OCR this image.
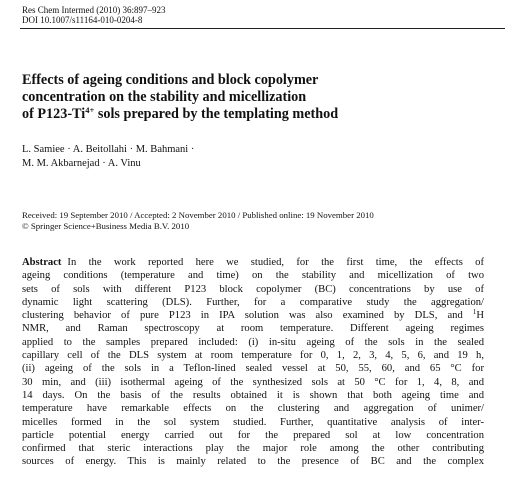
Res Chem Intermed (2010) 36:897–923
DOI 10.1007/s11164-010-0204-8
Effects of ageing conditions and block copolymer
concentration on the stability and micellization
of $P123-Ti^{4+}$ sols prepared by the templating method
L. Samiee · A. Beitollahi · M. Bahmani ·
M. M. Akbarnejad · A. Vinu
Received: 19 September 2010 / Accepted: 2 November 2010 / Published online: 19 November 2010
© Springer Science+Business Media B.V. 2010
Abstract In the work reported here we studied, for the first time, the effects of
ageing conditions (temperature and time) on the stability and micellization of two
sets of sols with different P123 block copolymer (BC) concentrations by use of
dynamic light scattering (DLS). Further, for a comparative study the aggregation/
clustering behavior of pure P123 in IPA solution was also examined by DLS, and $^1$H
NMR, and Raman spectroscopy at room temperature. Different ageing regimes
applied to the samples prepared included: (i) in-situ ageing of the sols in the sealed
capillary cell of the DLS system at room temperature for 0, 1, 2, 3, 4, 5, 6, and 19 h,
(ii) ageing of the sols in a Teflon-lined sealed vessel at 50, 55, 60, and 65 °C for
30 min, and (iii) isothermal ageing of the synthesized sols at 50 °C for 1, 4, 8, and
14 days. On the basis of the results obtained it is shown that both ageing time and
temperature have remarkable effects on the clustering and aggregation of unimer/
micelles formed in the sol system studied. Further, quantitative analysis of inter-
particle potential energy carried out for the prepared sol at low concentration
confirmed that steric interactions play the major role among the other contributing
sources of energy. This is mainly related to the presence of BC and the complex
